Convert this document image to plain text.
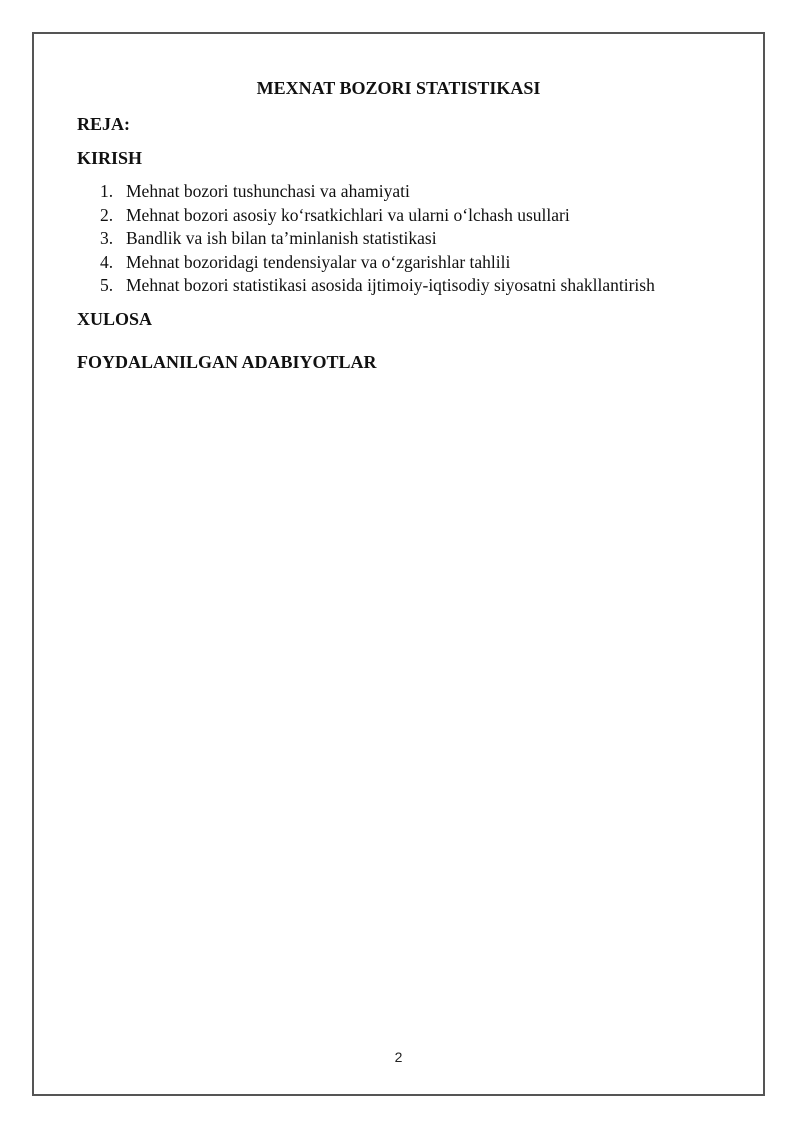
MEXNAT BOZORI STATISTIKASI
REJA:
KIRISH
1. Mehnat bozori tushunchasi va ahamiyati
2. Mehnat bozori asosiy ko‘rsatkichlari va ularni o‘lchash usullari
3. Bandlik va ish bilan ta’minlanish statistikasi
4. Mehnat bozoridagi tendensiyalar va o‘zgarishlar tahlili
5. Mehnat bozori statistikasi asosida ijtimoiy-iqtisodiy siyosatni shakllantirish
XULOSA
FOYDALANILGAN ADABIYOTLAR
2
